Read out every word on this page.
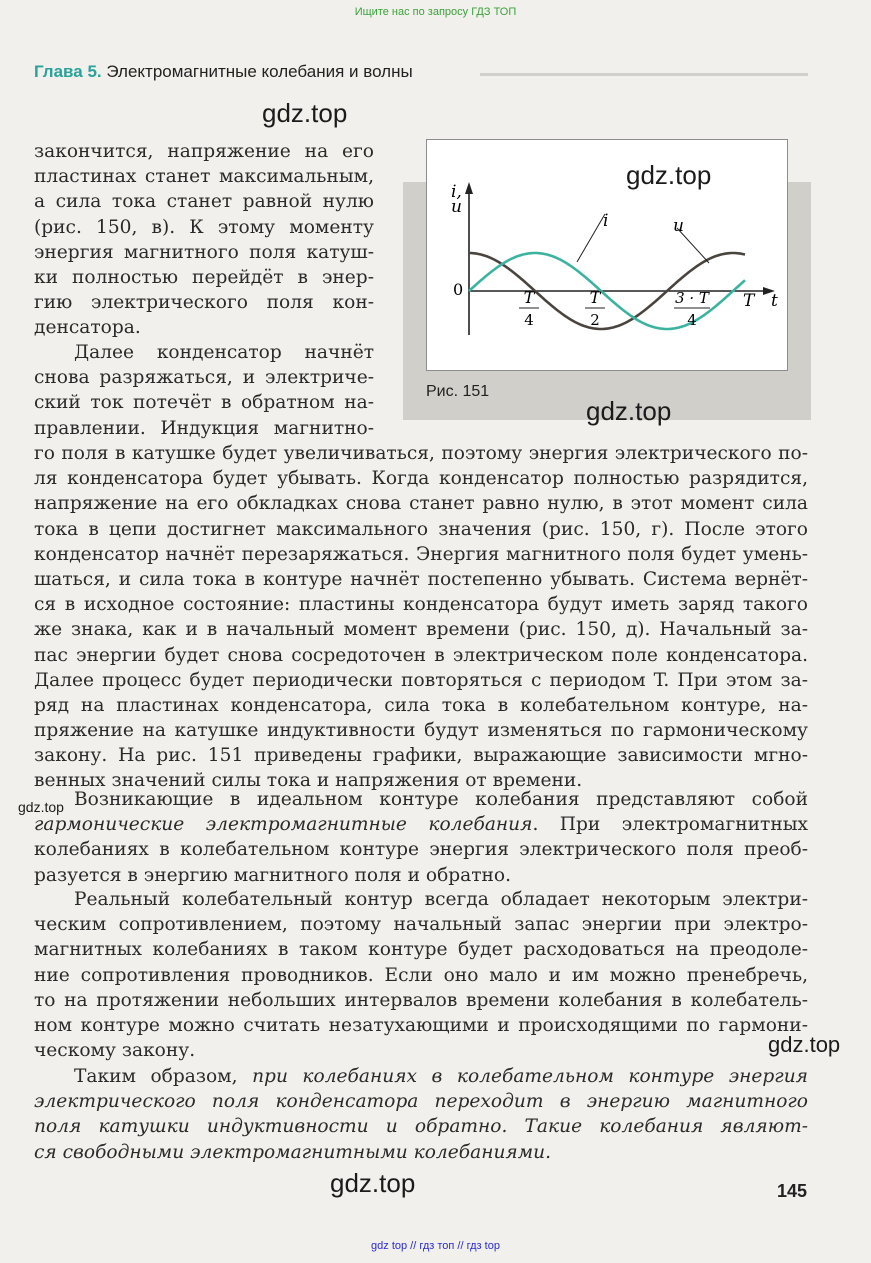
Ищите нас по запросу ГДЗ ТОП
Глава 5. Электромагнитные колебания и волны
i,
u
0
t
T
i	u
T
4
T
2
3 · T
4
Рис. 151

закончится, напряжение на его
пластинах станет максимальным,
а сила тока станет равной нулю
(рис. 150, в). К этому моменту
энергия магнитного поля катуш-
ки полностью перейдёт в энер-
гию электрического поля кон-
денсатора.

Далее конденсатор начнёт
снова разряжаться, и электриче-
ский ток потечёт в обратном на-
правлении. Индукция магнитно-

го поля в катушке будет увеличиваться, поэтому энергия электрического по-
ля конденсатора будет убывать. Когда конденсатор полностью разрядится,
напряжение на его обкладках снова станет равно нулю, в этот момент сила
тока в цепи достигнет максимального значения (рис. 150, г). После этого
конденсатор начнёт перезаряжаться. Энергия магнитного поля будет умень-
шаться, и сила тока в контуре начнёт постепенно убывать. Система вернёт-
ся в исходное состояние: пластины конденсатора будут иметь заряд такого
же знака, как и в начальный момент времени (рис. 150, д). Начальный за-
пас энергии будет снова сосредоточен в электрическом поле конденсатора.
Далее процесс будет периодически повторяться с периодом T. При этом за-
ряд на пластинах конденсатора, сила тока в колебательном контуре, на-
пряжение на катушке индуктивности будут изменяться по гармоническому
закону. На рис. 151 приведены графики, выражающие зависимости мгно-
венных значений силы тока и напряжения от времени.

Возникающие в идеальном контуре колебания представляют собой
гармонические электромагнитные колебания. При электромагнитных
колебаниях в колебательном контуре энергия электрического поля преоб-
разуется в энергию магнитного поля и обратно.

Реальный колебательный контур всегда обладает некоторым электри-
ческим сопротивлением, поэтому начальный запас энергии при электро-
магнитных колебаниях в таком контуре будет расходоваться на преодоле-
ние сопротивления проводников. Если оно мало и им можно пренебречь,
то на протяжении небольших интервалов времени колебания в колебатель-
ном контуре можно считать незатухающими и происходящими по гармони-
ческому закону.

Таким образом, при колебаниях в колебательном контуре энергия
электрического поля конденсатора переходит в энергию магнитного
поля катушки индуктивности и обратно. Такие колебания являют-
ся свободными электромагнитными колебаниями.

gdz.top
gdz.top
gdz.top
gdz.top
gdz.top
gdz.top	145
gdz top // гдз топ // гдз top
